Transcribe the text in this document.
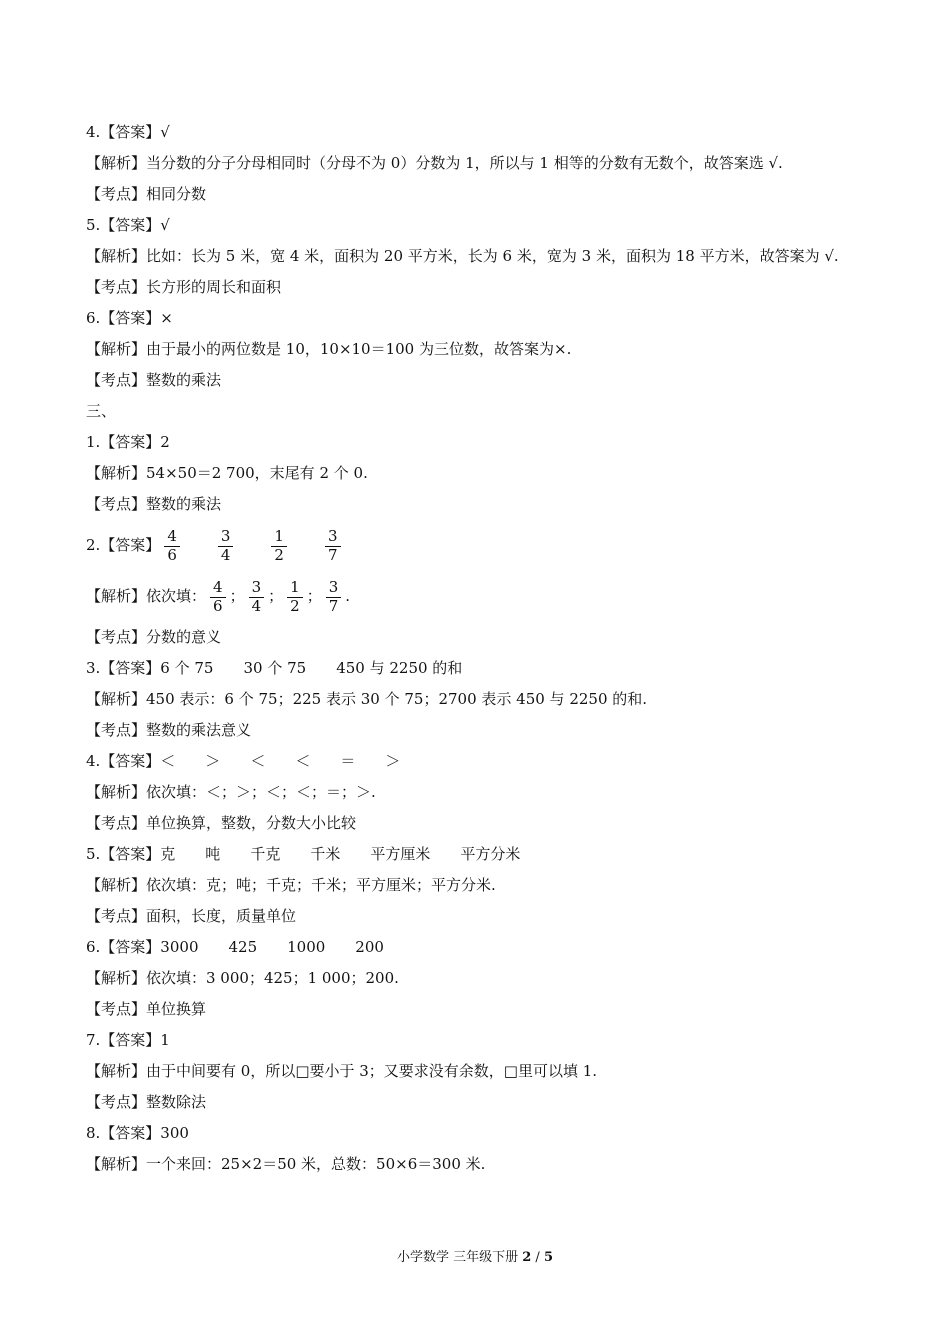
4.【答案】√
【解析】当分数的分子分母相同时（分母不为 0）分数为 1，所以与 1 相等的分数有无数个，故答案选 √.
【考点】相同分数
5.【答案】√
【解析】比如：长为 5 米，宽 4 米，面积为 20 平方米，长为 6 米，宽为 3 米，面积为 18 平方米，故答案为 √.
【考点】长方形的周长和面积
6.【答案】×
【解析】由于最小的两位数是 10，10×10＝100 为三位数，故答案为×.
【考点】整数的乘法
三、
1.【答案】2
【解析】54×50＝2 700，末尾有 2 个 0.
【考点】整数的乘法
2.【答案】 $\frac{4}{6}$	$\frac{3}{4}$	$\frac{1}{2}$	$\frac{3}{7}$
【解析】依次填： $\frac{4}{6}$ ； $\frac{3}{4}$ ； $\frac{1}{2}$ ； $\frac{3}{7}$ .
【考点】分数的意义
3.【答案】6 个 75　　30 个 75　　450 与 2250 的和
【解析】450 表示：6 个 75；225 表示 30 个 75；2700 表示 450 与 2250 的和.
【考点】整数的乘法意义
4.【答案】＜　　＞　　＜　　＜　　＝　　＞
【解析】依次填：＜；＞；＜；＜；＝；＞.
【考点】单位换算，整数，分数大小比较
5.【答案】克　　吨　　千克　　千米　　平方厘米　　平方分米
【解析】依次填：克；吨；千克；千米；平方厘米；平方分米.
【考点】面积，长度，质量单位
6.【答案】3000　　425　　1000　　200
【解析】依次填：3 000；425；1 000；200.
【考点】单位换算
7.【答案】1
【解析】由于中间要有 0，所以□要小于 3；又要求没有余数，□里可以填 1.
【考点】整数除法
8.【答案】300
【解析】一个来回：25×2＝50 米，总数：50×6＝300 米.
小学数学 三年级下册 2 / 5
